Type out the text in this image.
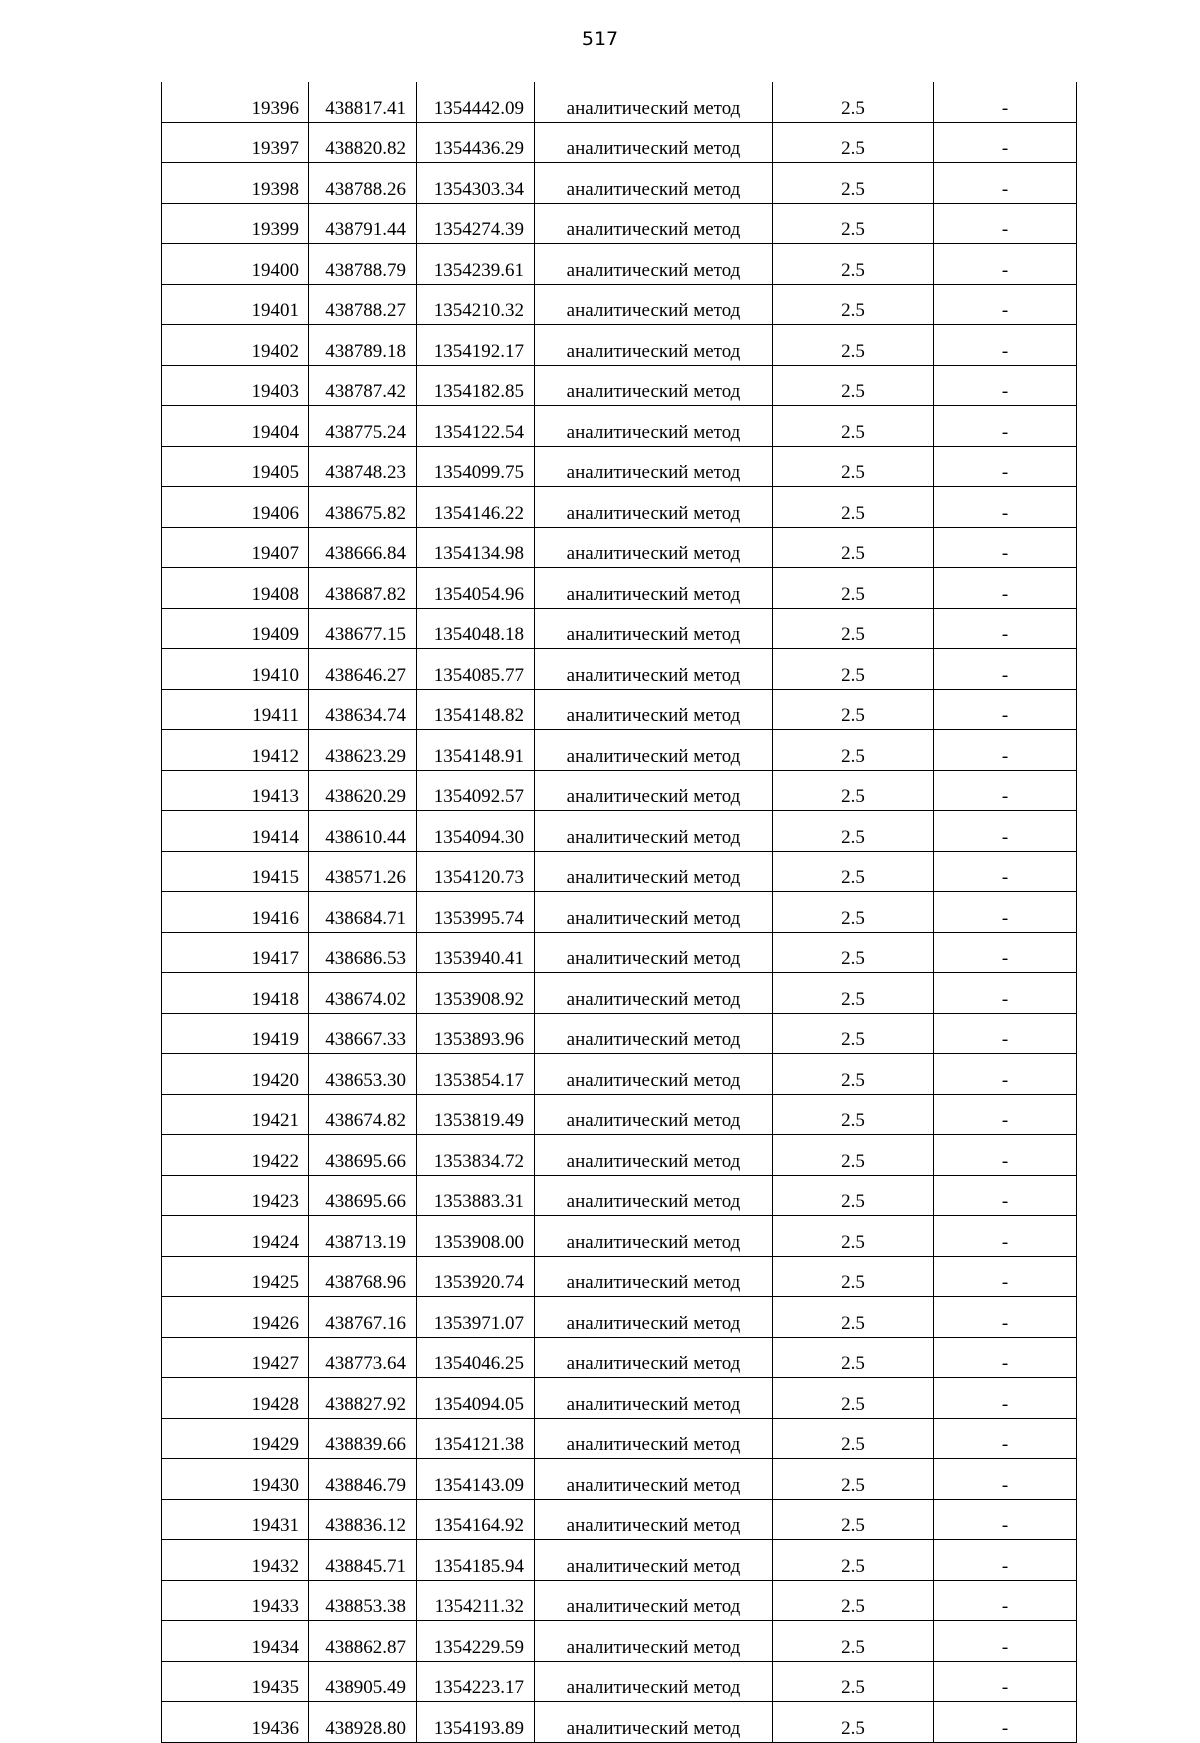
517
19396	438817.41	1354442.09	аналитический метод	2.5	-
19397	438820.82	1354436.29	аналитический метод	2.5	-
19398	438788.26	1354303.34	аналитический метод	2.5	-
19399	438791.44	1354274.39	аналитический метод	2.5	-
19400	438788.79	1354239.61	аналитический метод	2.5	-
19401	438788.27	1354210.32	аналитический метод	2.5	-
19402	438789.18	1354192.17	аналитический метод	2.5	-
19403	438787.42	1354182.85	аналитический метод	2.5	-
19404	438775.24	1354122.54	аналитический метод	2.5	-
19405	438748.23	1354099.75	аналитический метод	2.5	-
19406	438675.82	1354146.22	аналитический метод	2.5	-
19407	438666.84	1354134.98	аналитический метод	2.5	-
19408	438687.82	1354054.96	аналитический метод	2.5	-
19409	438677.15	1354048.18	аналитический метод	2.5	-
19410	438646.27	1354085.77	аналитический метод	2.5	-
19411	438634.74	1354148.82	аналитический метод	2.5	-
19412	438623.29	1354148.91	аналитический метод	2.5	-
19413	438620.29	1354092.57	аналитический метод	2.5	-
19414	438610.44	1354094.30	аналитический метод	2.5	-
19415	438571.26	1354120.73	аналитический метод	2.5	-
19416	438684.71	1353995.74	аналитический метод	2.5	-
19417	438686.53	1353940.41	аналитический метод	2.5	-
19418	438674.02	1353908.92	аналитический метод	2.5	-
19419	438667.33	1353893.96	аналитический метод	2.5	-
19420	438653.30	1353854.17	аналитический метод	2.5	-
19421	438674.82	1353819.49	аналитический метод	2.5	-
19422	438695.66	1353834.72	аналитический метод	2.5	-
19423	438695.66	1353883.31	аналитический метод	2.5	-
19424	438713.19	1353908.00	аналитический метод	2.5	-
19425	438768.96	1353920.74	аналитический метод	2.5	-
19426	438767.16	1353971.07	аналитический метод	2.5	-
19427	438773.64	1354046.25	аналитический метод	2.5	-
19428	438827.92	1354094.05	аналитический метод	2.5	-
19429	438839.66	1354121.38	аналитический метод	2.5	-
19430	438846.79	1354143.09	аналитический метод	2.5	-
19431	438836.12	1354164.92	аналитический метод	2.5	-
19432	438845.71	1354185.94	аналитический метод	2.5	-
19433	438853.38	1354211.32	аналитический метод	2.5	-
19434	438862.87	1354229.59	аналитический метод	2.5	-
19435	438905.49	1354223.17	аналитический метод	2.5	-
19436	438928.80	1354193.89	аналитический метод	2.5	-
